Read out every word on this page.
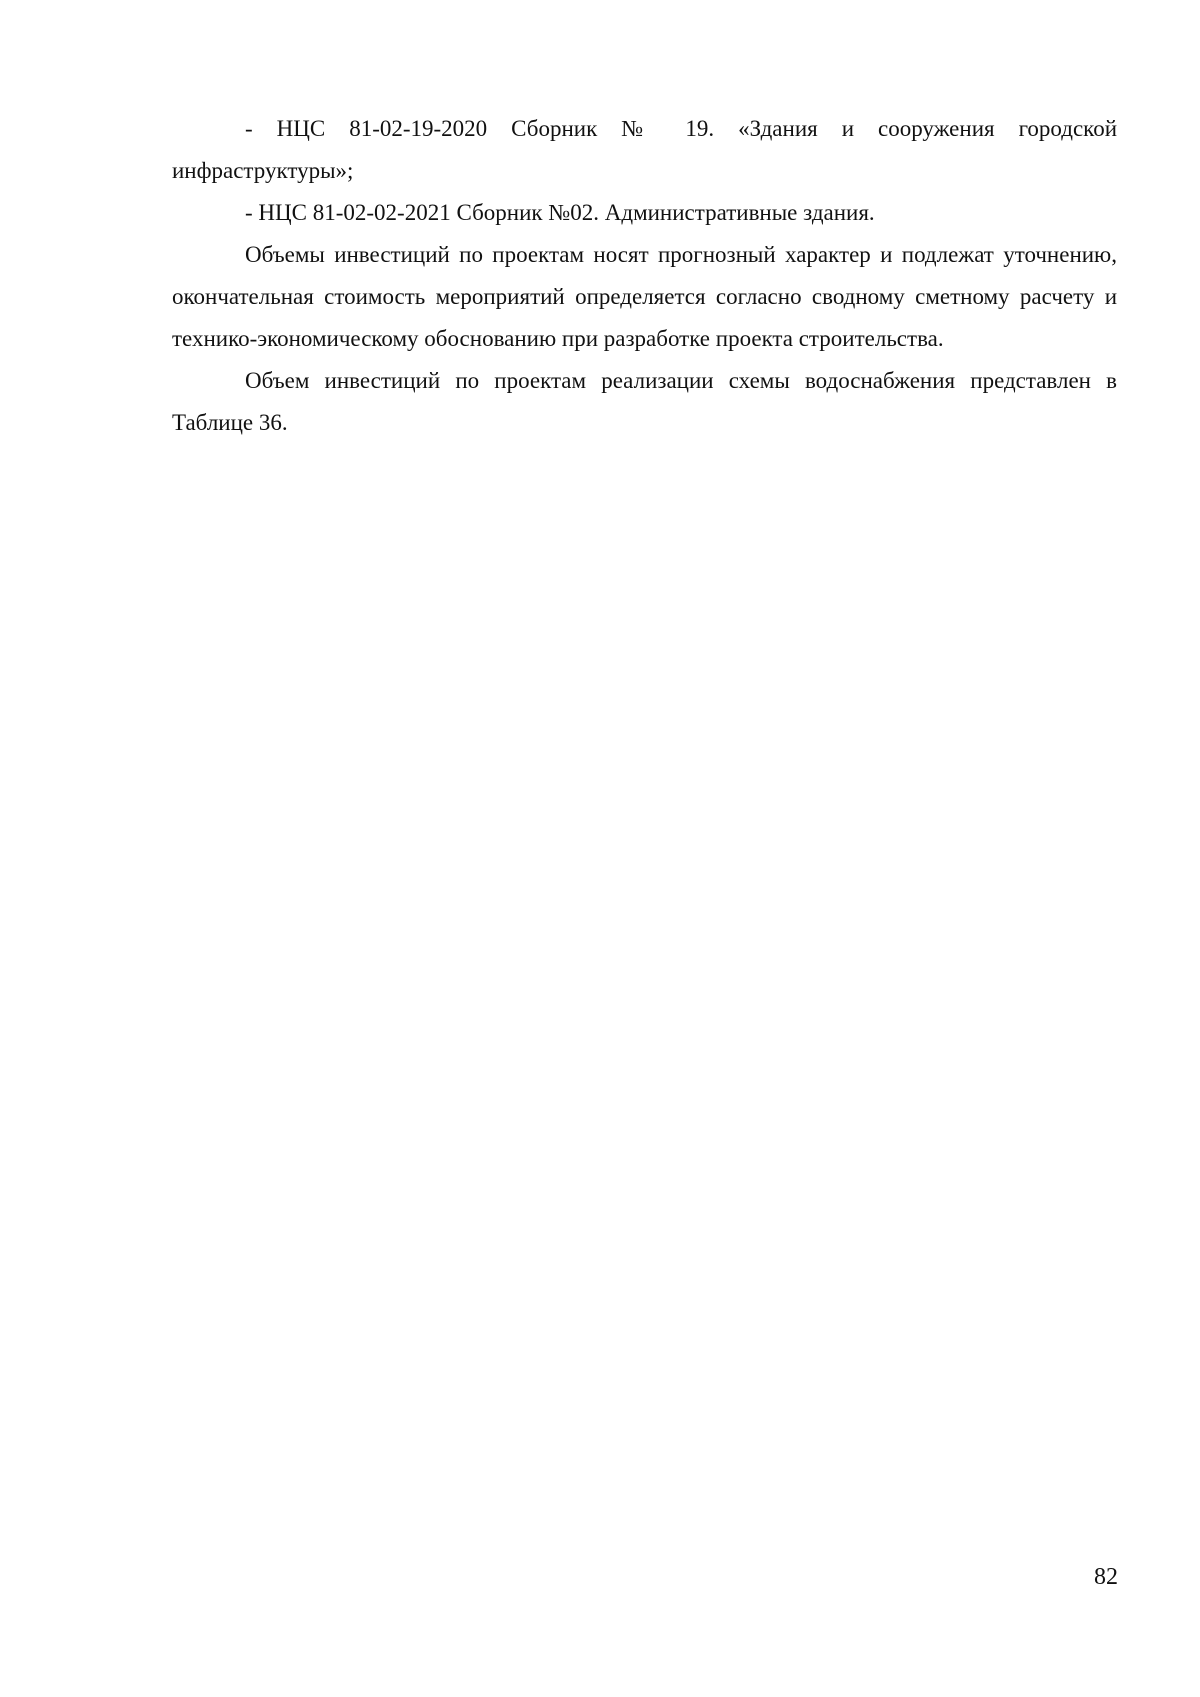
- НЦС 81-02-19-2020 Сборник № 19. «Здания и сооружения городской инфраструктуры»;

- НЦС 81-02-02-2021 Сборник №02. Административные здания.

Объемы инвестиций по проектам носят прогнозный характер и подлежат уточнению, окончательная стоимость мероприятий определяется согласно сводному сметному расчету и технико-экономическому обоснованию при разработке проекта строительства.

Объем инвестиций по проектам реализации схемы водоснабжения представлен в Таблице 36.

82
